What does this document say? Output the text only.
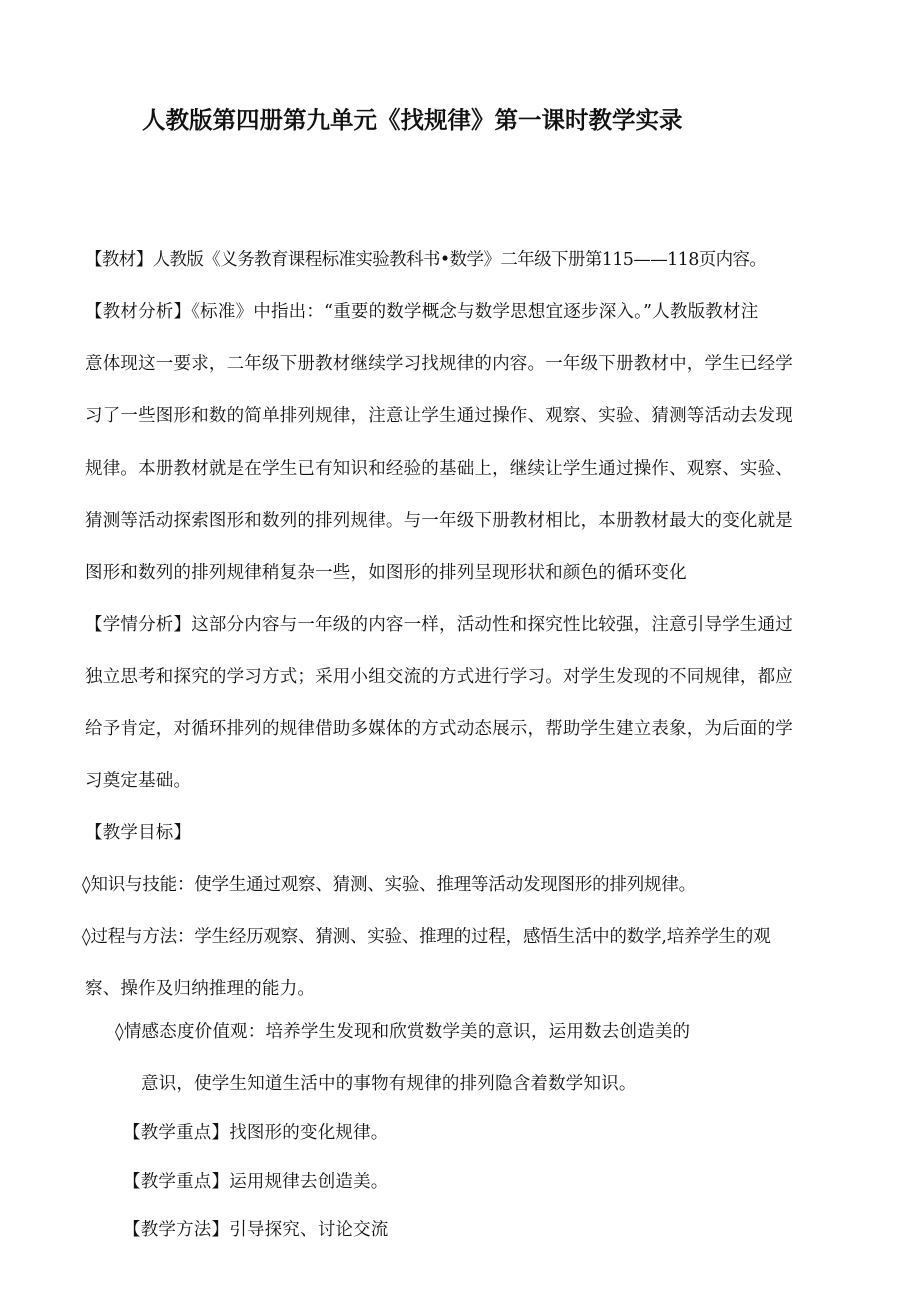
人教版第四册第九单元《找规律》第一课时教学实录

【教材】人教版《义务教育课程标准实验教科书•数学》二年级下册第115——118页内容。

【教材分析】《标准》中指出：“重要的数学概念与数学思想宜逐步深入。”人教版教材注

意体现这一要求，二年级下册教材继续学习找规律的内容。一年级下册教材中，学生已经学

习了一些图形和数的简单排列规律，注意让学生通过操作、观察、实验、猜测等活动去发现

规律。本册教材就是在学生已有知识和经验的基础上，继续让学生通过操作、观察、实验、

猜测等活动探索图形和数列的排列规律。与一年级下册教材相比，本册教材最大的变化就是

图形和数列的排列规律稍复杂一些，如图形的排列呈现形状和颜色的循环变化

【学情分析】这部分内容与一年级的内容一样，活动性和探究性比较强，注意引导学生通过

独立思考和探究的学习方式；采用小组交流的方式进行学习。对学生发现的不同规律，都应

给予肯定，对循环排列的规律借助多媒体的方式动态展示，帮助学生建立表象，为后面的学

习奠定基础。

【教学目标】

◊知识与技能：使学生通过观察、猜测、实验、推理等活动发现图形的排列规律。

◊过程与方法：学生经历观察、猜测、实验、推理的过程，感悟生活中的数学,培养学生的观

察、操作及归纳推理的能力。

◊情感态度价值观：培养学生发现和欣赏数学美的意识，运用数去创造美的

意识，使学生知道生活中的事物有规律的排列隐含着数学知识。

【教学重点】找图形的变化规律。

【教学重点】运用规律去创造美。

【教学方法】引导探究、讨论交流
